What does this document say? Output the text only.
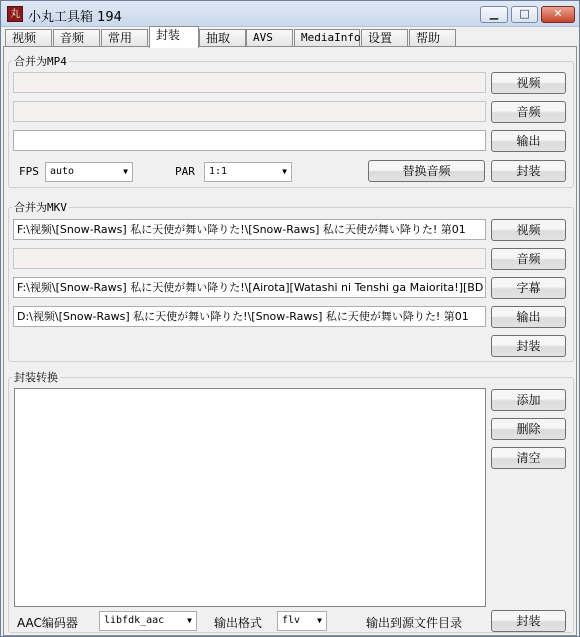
丸 小丸工具箱 194	▁	□	✕
视频	音频	常用	封装	抽取	AVS	MediaInfo 设置	帮助
合并为MP4
视频
音频
输出
FPS	auto	▼	PAR	1:1	▼	替换音频	封装
合并为MKV
F:\视频\[Snow-Raws] 私に天使が舞い降りた!\[Snow-Raws] 私に天使が舞い降りた! 第01	视频
音频
F:\视频\[Snow-Raws] 私に天使が舞い降りた!\[Airota][Watashi ni Tenshi ga Maiorita!][BD	字幕
D:\视频\[Snow-Raws] 私に天使が舞い降りた!\[Snow-Raws] 私に天使が舞い降りた! 第01	输出
封装
封装转换
添加
删除
清空
AAC编码器	libfdk_aac	▼ 输出格式	flv ▼	输出到源文件目录	封装
